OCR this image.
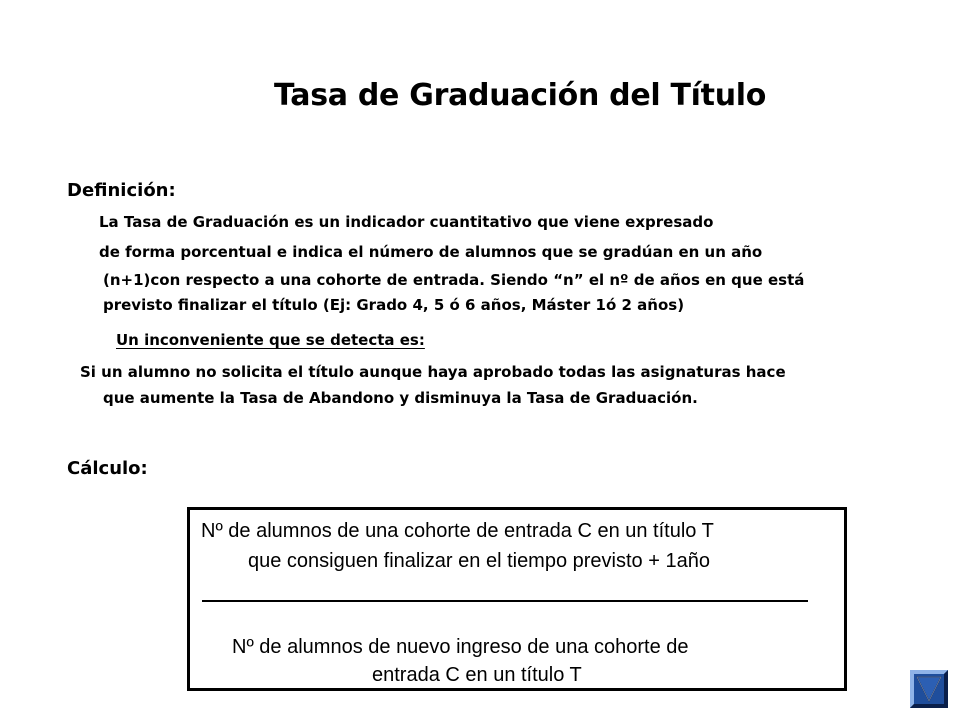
Tasa de Graduación del Título
Definición:
La Tasa de Graduación es un indicador cuantitativo que viene expresado
de forma porcentual e indica el número de alumnos que se gradúan en un año
(n+1)con respecto a una cohorte de entrada. Siendo “n” el nº de años en que está
previsto finalizar el título (Ej: Grado 4, 5 ó 6 años, Máster 1ó 2 años)
Un inconveniente que se detecta es:
Si un alumno no solicita el título aunque haya aprobado todas las asignaturas hace
que aumente la Tasa de Abandono y disminuya la Tasa de Graduación.
Cálculo:
Nº de alumnos de una cohorte de entrada C en un título T
que consiguen finalizar en el tiempo previsto + 1año
Nº de alumnos de nuevo ingreso de una cohorte de
entrada C en un título T
